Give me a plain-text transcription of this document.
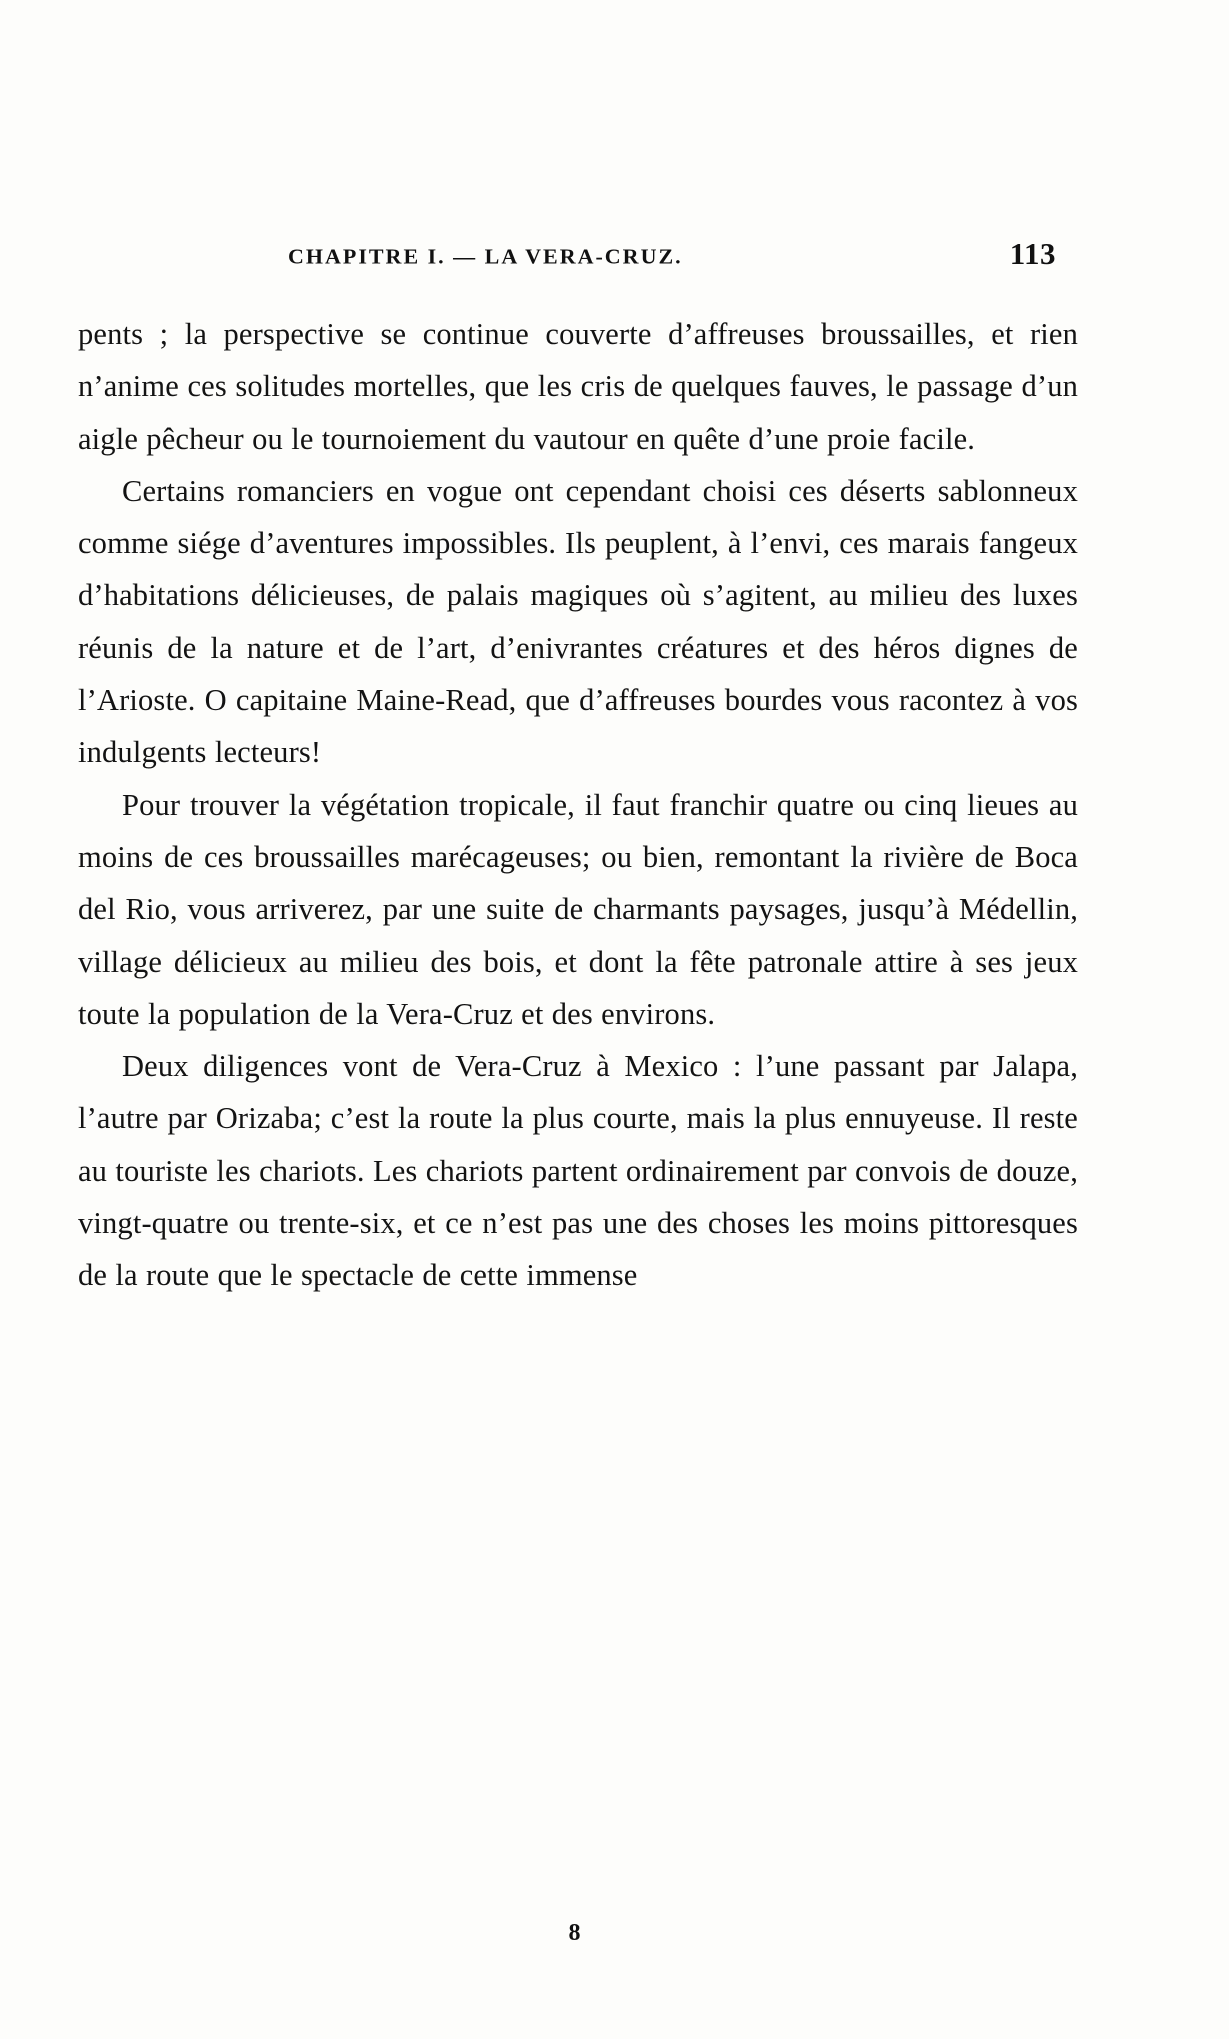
CHAPITRE I. — LA VERA-CRUZ.	113

pents ; la perspective se continue couverte d’affreuses broussailles, et rien n’anime ces solitudes mortelles, que les cris de quelques fauves, le passage d’un aigle pêcheur ou le tournoiement du vautour en quête d’une proie facile.

Certains romanciers en vogue ont cependant choisi ces déserts sablonneux comme siége d’aventures impossibles. Ils peuplent, à l’envi, ces marais fangeux d’habitations délicieuses, de palais magiques où s’agitent, au milieu des luxes réunis de la nature et de l’art, d’enivrantes créatures et des héros dignes de l’Arioste. O capitaine Maine-Read, que d’affreuses bourdes vous racontez à vos indulgents lecteurs!

Pour trouver la végétation tropicale, il faut franchir quatre ou cinq lieues au moins de ces broussailles marécageuses; ou bien, remontant la rivière de Boca del Rio, vous arriverez, par une suite de charmants paysages, jusqu’à Médellin, village délicieux au milieu des bois, et dont la fête patronale attire à ses jeux toute la population de la Vera-Cruz et des environs.

Deux diligences vont de Vera-Cruz à Mexico : l’une passant par Jalapa, l’autre par Orizaba; c’est la route la plus courte, mais la plus ennuyeuse. Il reste au touriste les chariots. Les chariots partent ordinairement par convois de douze, vingt-quatre ou trente-six, et ce n’est pas une des choses les moins pittoresques de la route que le spectacle de cette immense

8
